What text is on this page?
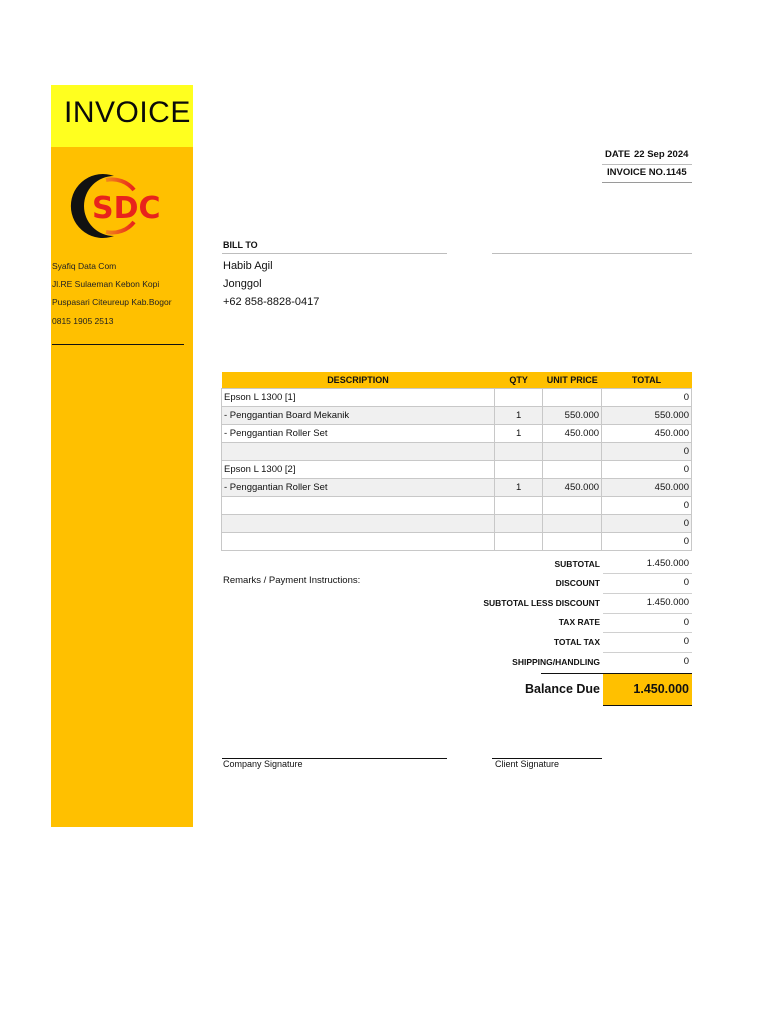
INVOICE
SDC
Syafiq Data Com
Jl.RE Sulaeman Kebon Kopi
Puspasari Citeureup Kab.Bogor
0815 1905 2513
DATE 22 Sep 2024
INVOICE NO. 1145
BILL TO
Habib Agil
Jonggol
+62 858-8828-0417
DESCRIPTION	QTY	UNIT PRICE	TOTAL
Epson L 1300 [1]			0
- Penggantian Board Mekanik	1	550.000	550.000
- Penggantian Roller Set	1	450.000	450.000
			0
Epson L 1300 [2]			0
- Penggantian Roller Set	1	450.000	450.000
			0
			0
			0
Remarks / Payment Instructions:
SUBTOTAL	1.450.000
DISCOUNT	0
SUBTOTAL LESS DISCOUNT	1.450.000
TAX RATE	0
TOTAL TAX	0
SHIPPING/HANDLING	0
Balance Due	1.450.000
Company Signature	Client Signature
